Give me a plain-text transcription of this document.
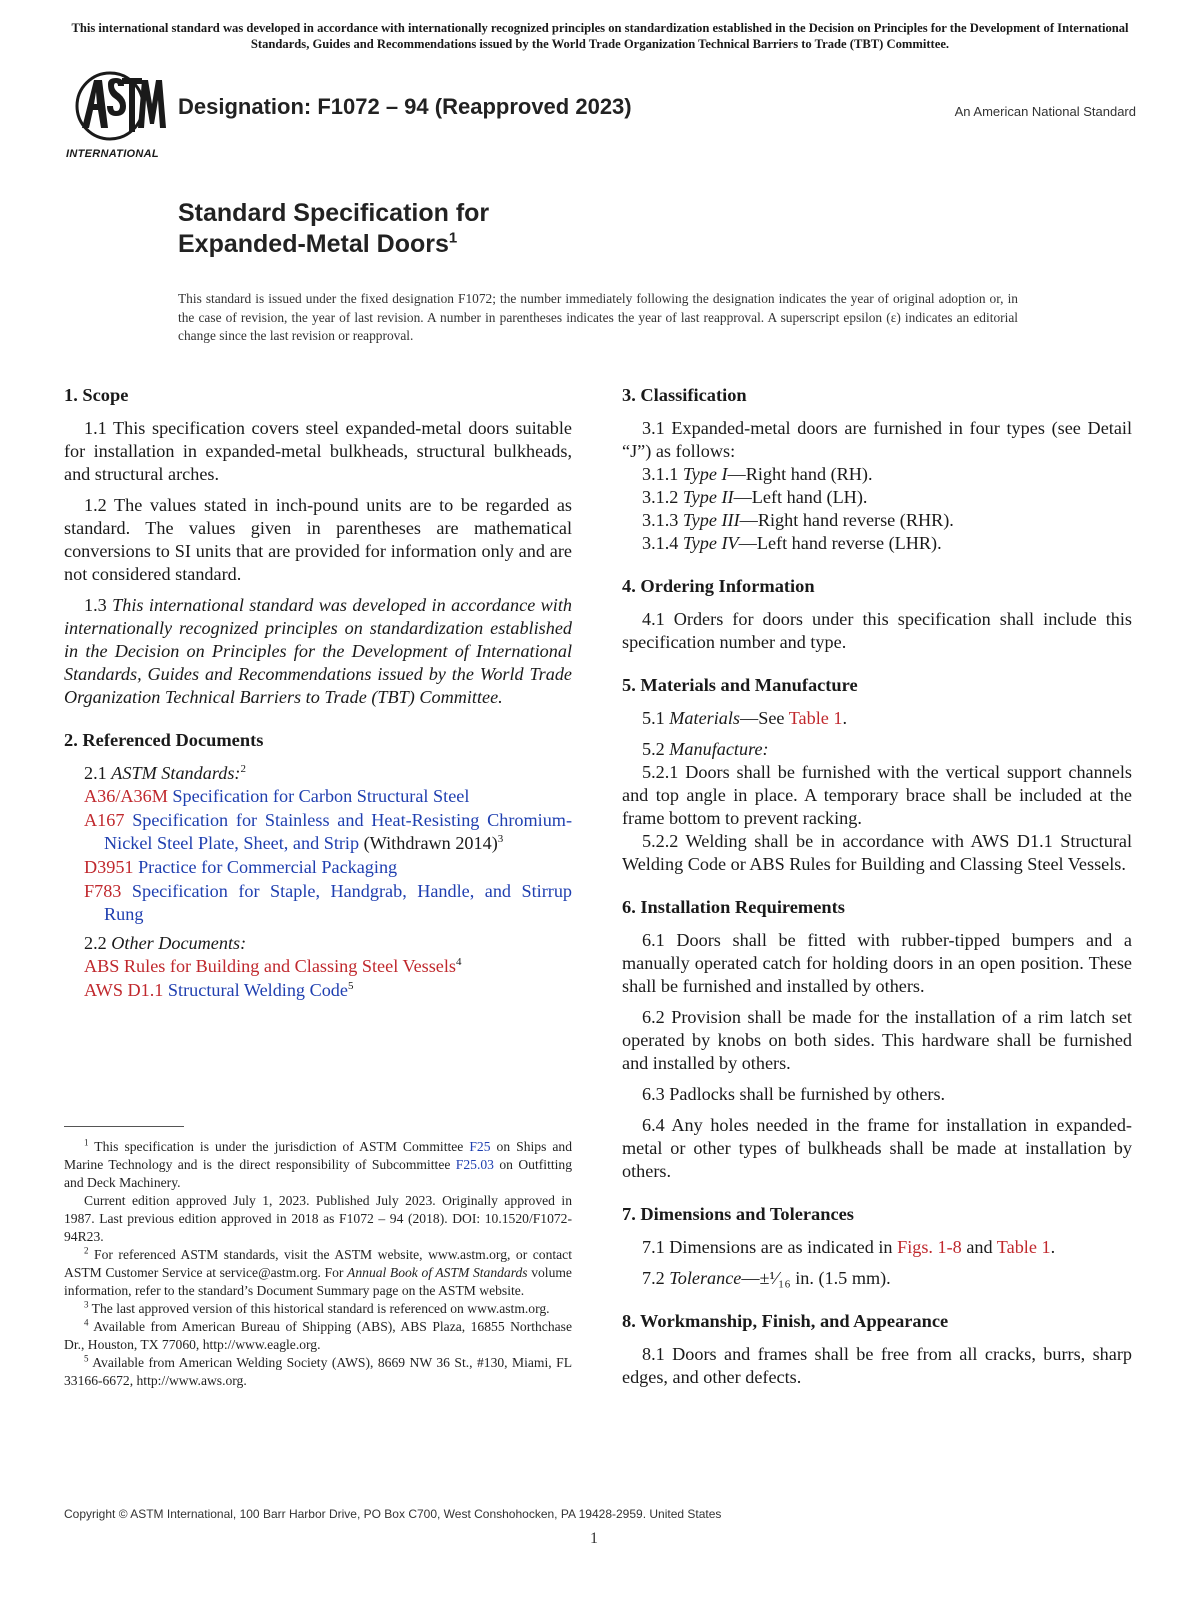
This international standard was developed in accordance with internationally recognized principles on standardization established in the Decision on Principles for the Development of International Standards, Guides and Recommendations issued by the World Trade Organization Technical Barriers to Trade (TBT) Committee.
INTERNATIONAL
Designation: F1072 – 94 (Reapproved 2023)	An American National Standard
Standard Specification for
Expanded-Metal Doors$^1$
This standard is issued under the fixed designation F1072; the number immediately following the designation indicates the year of original adoption or, in the case of revision, the year of last revision. A number in parentheses indicates the year of last reapproval. A superscript epsilon (ε) indicates an editorial change since the last revision or reapproval.
1. Scope

1.1 This specification covers steel expanded-metal doors suitable for installation in expanded-metal bulkheads, structural bulkheads, and structural arches.

1.2 The values stated in inch-pound units are to be regarded as standard. The values given in parentheses are mathematical conversions to SI units that are provided for information only and are not considered standard.

1.3 This international standard was developed in accordance with internationally recognized principles on standardization established in the Decision on Principles for the Development of International Standards, Guides and Recommendations issued by the World Trade Organization Technical Barriers to Trade (TBT) Committee.

2. Referenced Documents

2.1 ASTM Standards:$^2$

A36/A36M Specification for Carbon Structural Steel

A167 Specification for Stainless and Heat-Resisting Chromium-Nickel Steel Plate, Sheet, and Strip (Withdrawn 2014)$^3$

D3951 Practice for Commercial Packaging

F783 Specification for Staple, Handgrab, Handle, and Stirrup Rung

2.2 Other Documents:

ABS Rules for Building and Classing Steel Vessels$^4$

AWS D1.1 Structural Welding Code$^5$

3. Classification

3.1 Expanded-metal doors are furnished in four types (see Detail “J”) as follows:

3.1.1 Type I—Right hand (RH).

3.1.2 Type II—Left hand (LH).

3.1.3 Type III—Right hand reverse (RHR).

3.1.4 Type IV—Left hand reverse (LHR).

4. Ordering Information

4.1 Orders for doors under this specification shall include this specification number and type.

5. Materials and Manufacture

5.1 Materials—See Table 1.

5.2 Manufacture:

5.2.1 Doors shall be furnished with the vertical support channels and top angle in place. A temporary brace shall be included at the frame bottom to prevent racking.

5.2.2 Welding shall be in accordance with AWS D1.1 Structural Welding Code or ABS Rules for Building and Classing Steel Vessels.

6. Installation Requirements

6.1 Doors shall be fitted with rubber-tipped bumpers and a manually operated catch for holding doors in an open position. These shall be furnished and installed by others.

6.2 Provision shall be made for the installation of a rim latch set operated by knobs on both sides. This hardware shall be furnished and installed by others.

6.3 Padlocks shall be furnished by others.

6.4 Any holes needed in the frame for installation in expanded-metal or other types of bulkheads shall be made at installation by others.

7. Dimensions and Tolerances

7.1 Dimensions are as indicated in Figs. 1-8 and Table 1.

7.2 Tolerance—±¹⁄₁₆ in. (1.5 mm).

8. Workmanship, Finish, and Appearance

8.1 Doors and frames shall be free from all cracks, burrs, sharp edges, and other defects.

$^1$ This specification is under the jurisdiction of ASTM Committee F25 on Ships and Marine Technology and is the direct responsibility of Subcommittee F25.03 on Outfitting and Deck Machinery.

Current edition approved July 1, 2023. Published July 2023. Originally approved in 1987. Last previous edition approved in 2018 as F1072 – 94 (2018). DOI: 10.1520/F1072-94R23.

$^2$ For referenced ASTM standards, visit the ASTM website, www.astm.org, or contact ASTM Customer Service at service@astm.org. For Annual Book of ASTM Standards volume information, refer to the standard’s Document Summary page on the ASTM website.

$^3$ The last approved version of this historical standard is referenced on www.astm.org.

$^4$ Available from American Bureau of Shipping (ABS), ABS Plaza, 16855 Northchase Dr., Houston, TX 77060, http://www.eagle.org.

$^5$ Available from American Welding Society (AWS), 8669 NW 36 St., #130, Miami, FL 33166-6672, http://www.aws.org.

Copyright © ASTM International, 100 Barr Harbor Drive, PO Box C700, West Conshohocken, PA 19428-2959. United States
1
